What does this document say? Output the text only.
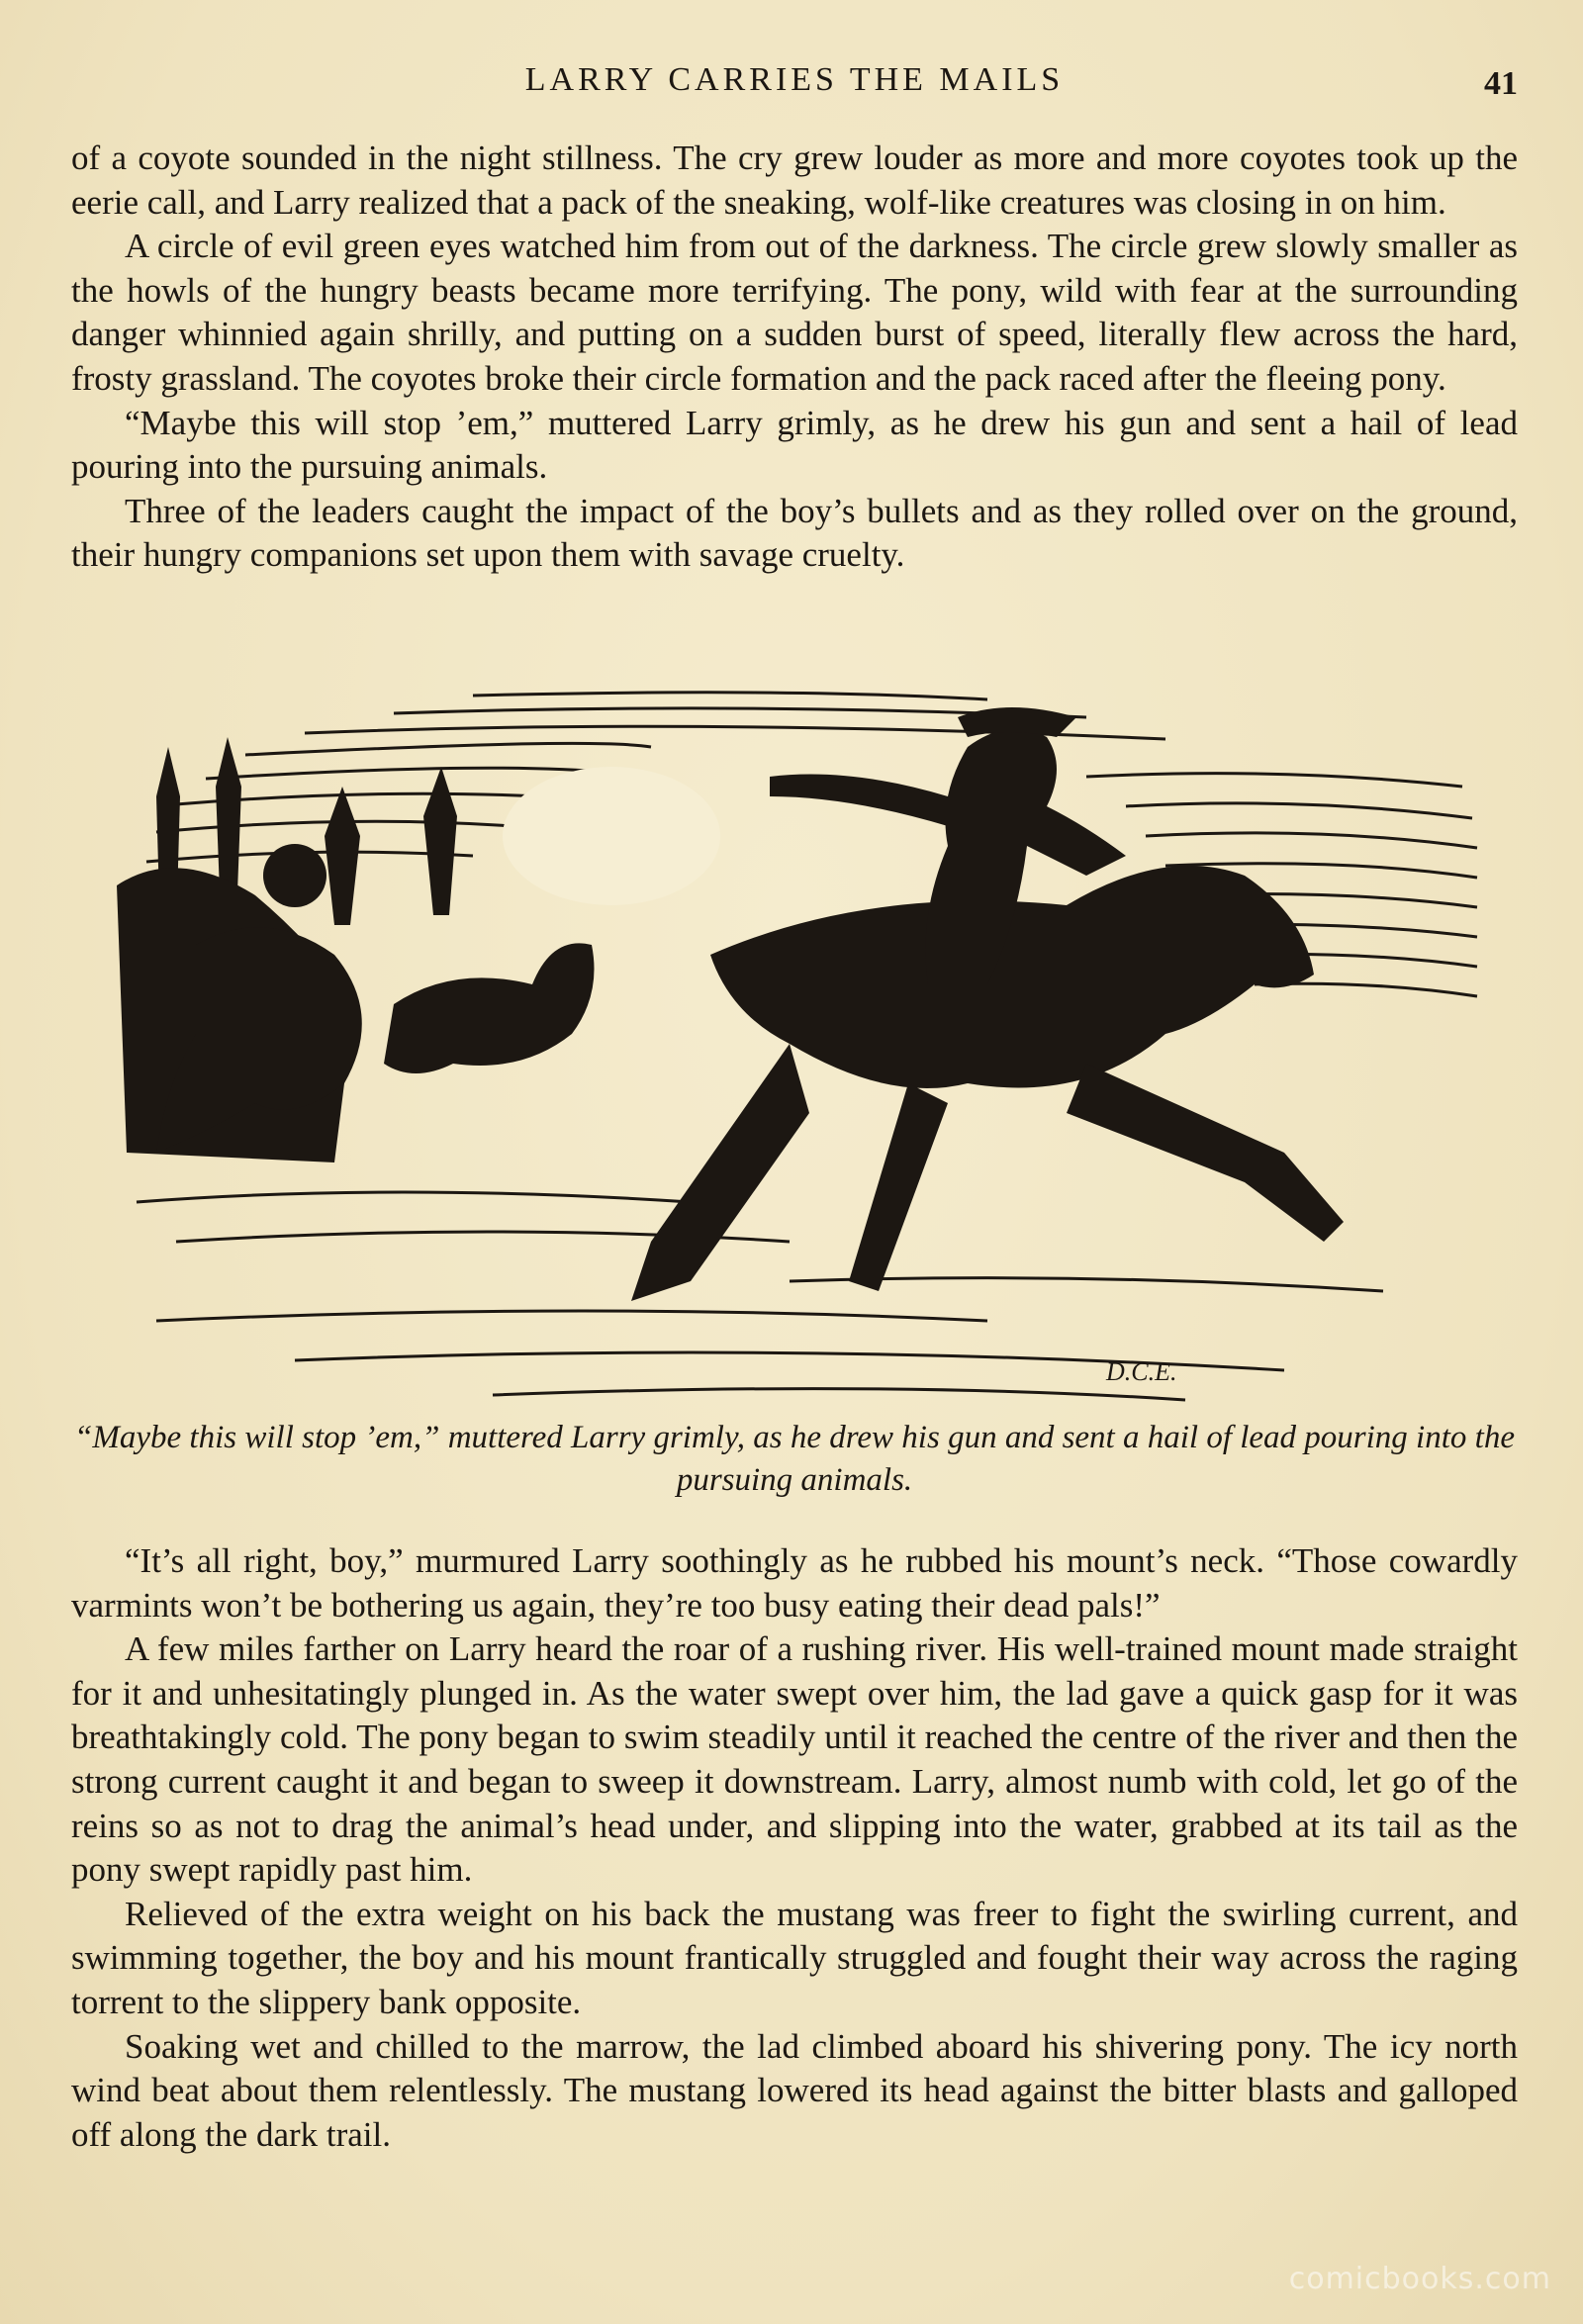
LARRY CARRIES THE MAILS	41

of a coyote sounded in the night stillness. The cry grew louder as more and more coyotes took up the eerie call, and Larry realized that a pack of the sneaking, wolf-like creatures was closing in on him.

A circle of evil green eyes watched him from out of the darkness. The circle grew slowly smaller as the howls of the hungry beasts became more terrifying. The pony, wild with fear at the surrounding danger whinnied again shrilly, and putting on a sudden burst of speed, literally flew across the hard, frosty grassland. The coyotes broke their circle formation and the pack raced after the fleeing pony.

“Maybe this will stop ’em,” muttered Larry grimly, as he drew his gun and sent a hail of lead pouring into the pursuing animals.

Three of the leaders caught the impact of the boy’s bullets and as they rolled over on the ground, their hungry companions set upon them with savage cruelty.

D.C.E.
“Maybe this will stop ’em,” muttered Larry grimly, as he drew his gun and sent a hail of lead pouring into the pursuing animals.

“It’s all right, boy,” murmured Larry soothingly as he rubbed his mount’s neck. “Those cowardly varmints won’t be bothering us again, they’re too busy eating their dead pals!”

A few miles farther on Larry heard the roar of a rushing river. His well-trained mount made straight for it and unhesitatingly plunged in. As the water swept over him, the lad gave a quick gasp for it was breathtakingly cold. The pony began to swim steadily until it reached the centre of the river and then the strong current caught it and began to sweep it downstream. Larry, almost numb with cold, let go of the reins so as not to drag the animal’s head under, and slipping into the water, grabbed at its tail as the pony swept rapidly past him.

Relieved of the extra weight on his back the mustang was freer to fight the swirling current, and swimming together, the boy and his mount frantically struggled and fought their way across the raging torrent to the slippery bank opposite.

Soaking wet and chilled to the marrow, the lad climbed aboard his shivering pony. The icy north wind beat about them relentlessly. The mustang lowered its head against the bitter blasts and galloped off along the dark trail.

comicbooks.com
